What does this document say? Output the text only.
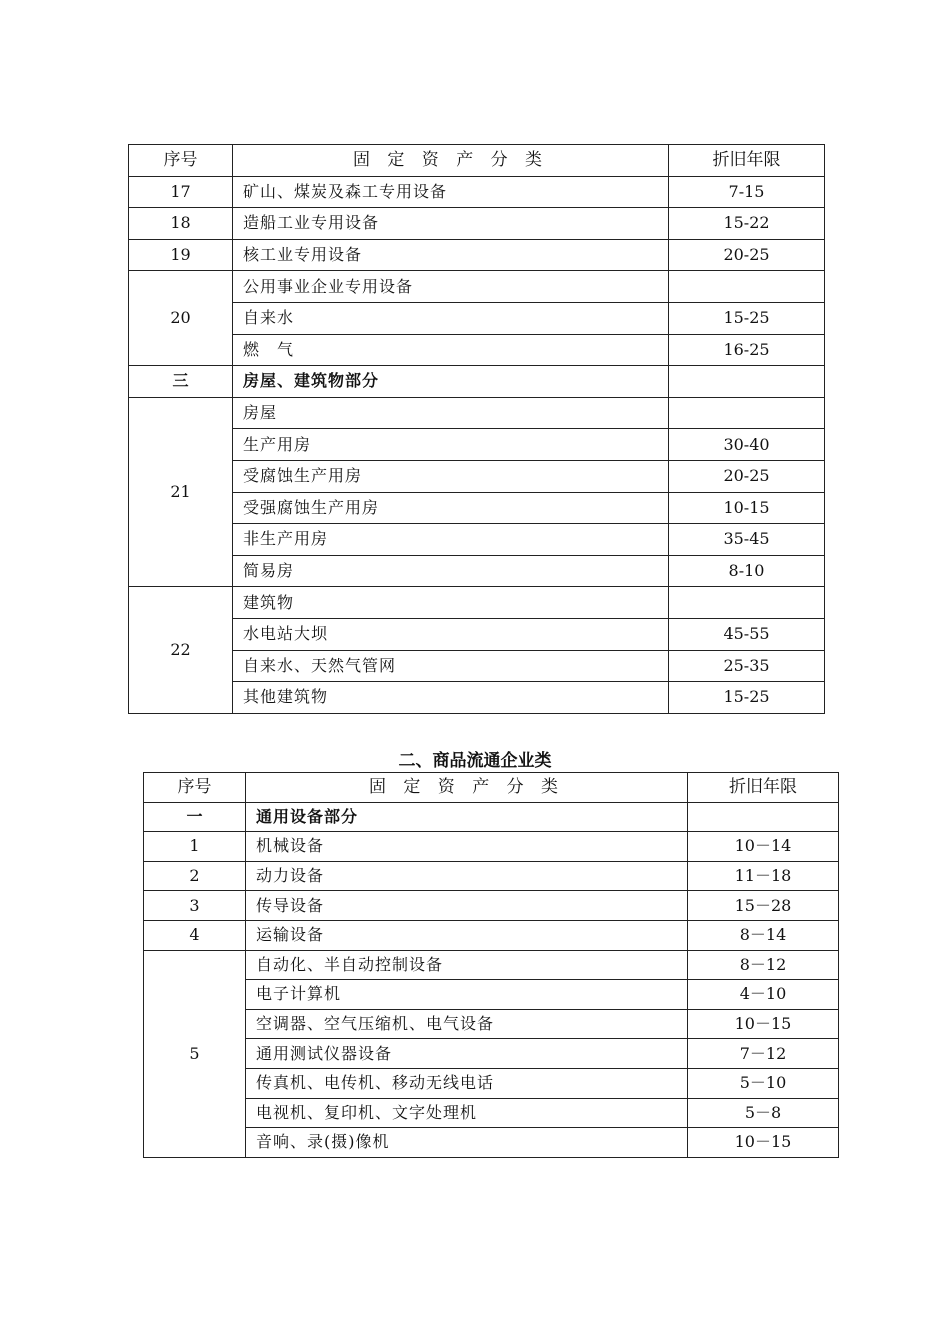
序号	固 定 资 产 分 类	折旧年限
17	矿山、煤炭及森工专用设备	7-15
18	造船工业专用设备	15-22
19	核工业专用设备	20-25
20	公用事业企业专用设备	
	自来水	15-25
	燃　气	16-25
三	房屋、建筑物部分	
21	房屋	
	生产用房	30-40
	受腐蚀生产用房	20-25
	受强腐蚀生产用房	10-15
	非生产用房	35-45
	简易房	8-10
22	建筑物	
	水电站大坝	45-55
	自来水、天然气管网	25-35
	其他建筑物	15-25
二、商品流通企业类
序号	固 定 资 产 分 类	折旧年限
一	通用设备部分	
1	机械设备	10－14
2	动力设备	11－18
3	传导设备	15－28
4	运输设备	8－14
5	自动化、半自动控制设备	8－12
	电子计算机	4－10
	空调器、空气压缩机、电气设备	10－15
	通用测试仪器设备	7－12
	传真机、电传机、移动无线电话	5－10
	电视机、复印机、文字处理机	5－8
	音响、录(摄)像机	10－15
